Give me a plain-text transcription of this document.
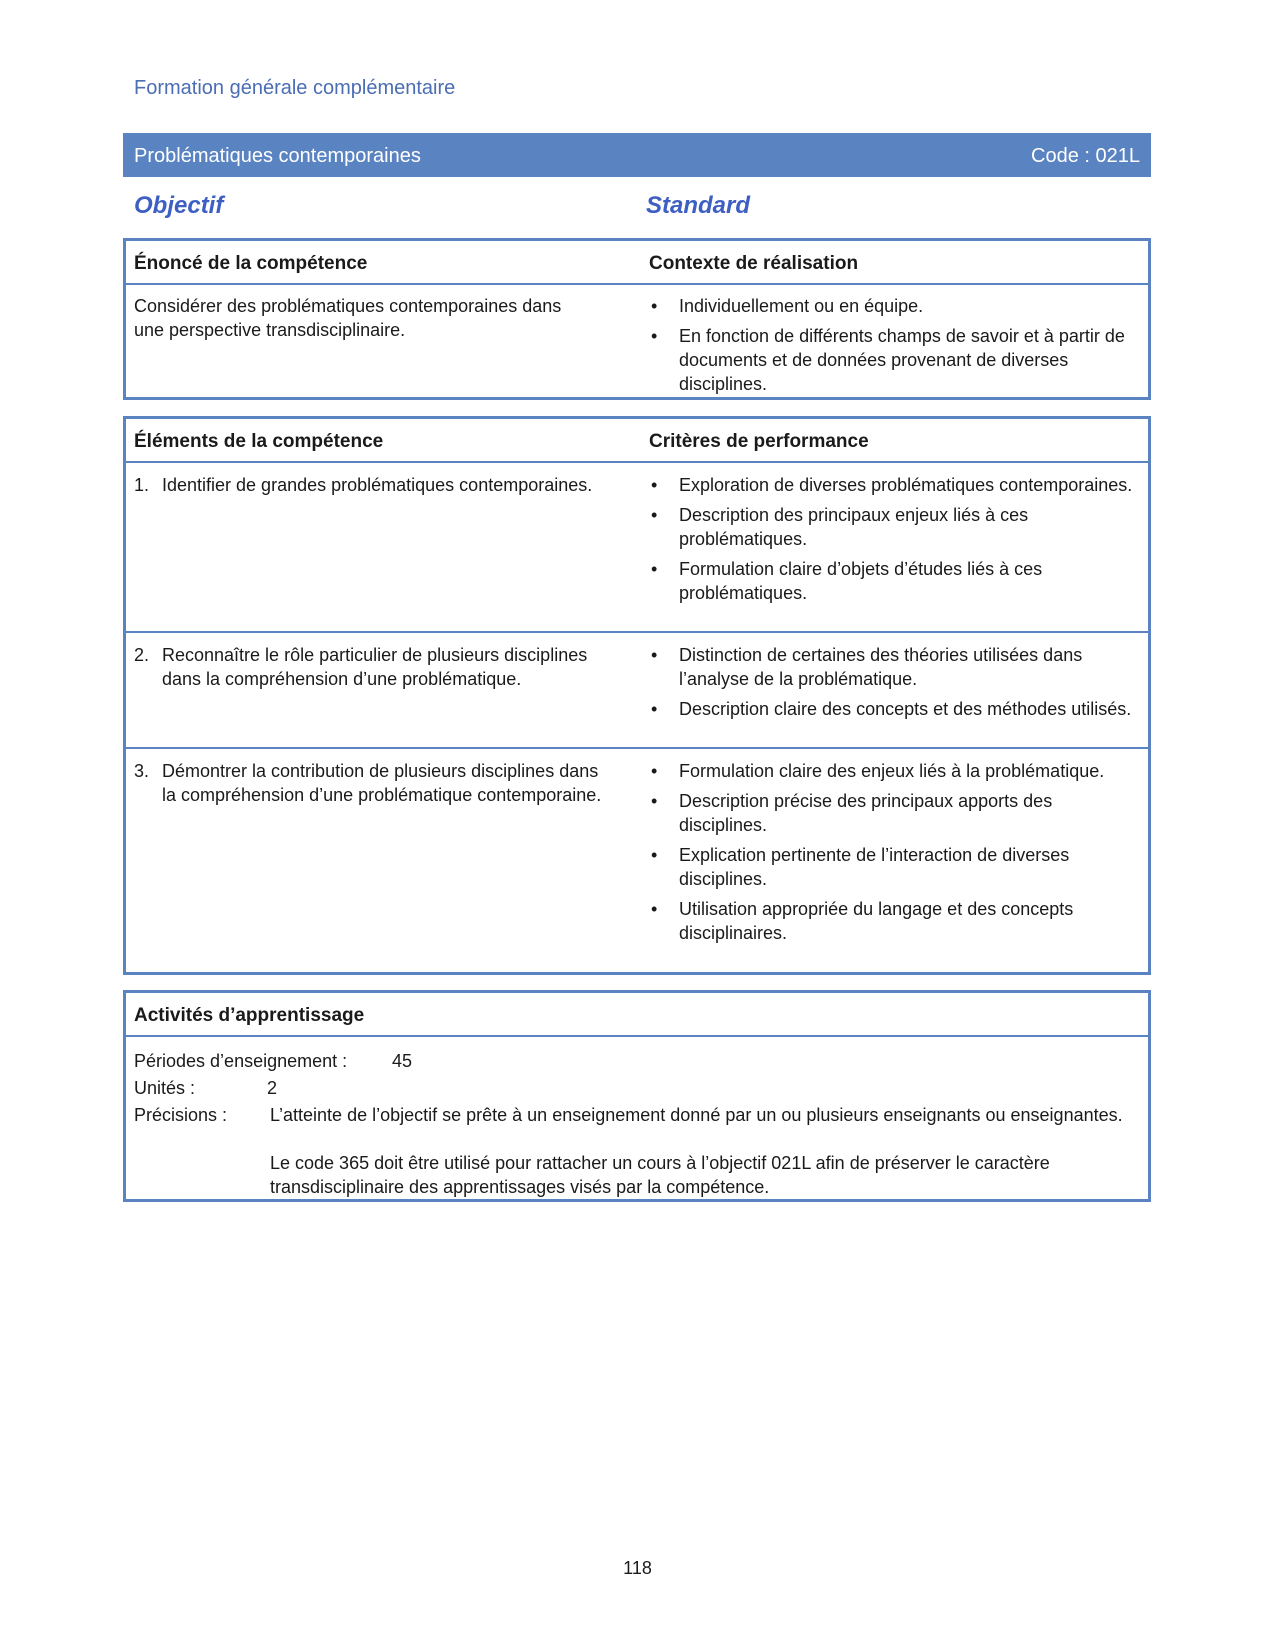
Formation générale complémentaire
Problématiques contemporaines	Code : 021L
Objectif	Standard
Énoncé de la compétence	Contexte de réalisation
Considérer des problématiques contemporaines dans une perspective transdisciplinaire.
• Individuellement ou en équipe.
• En fonction de différents champs de savoir et à partir de documents et de données provenant de diverses disciplines.
Éléments de la compétence	Critères de performance
1. Identifier de grandes problématiques contemporaines.
•	Exploration de diverses problématiques contemporaines.
• Description des principaux enjeux liés à ces problématiques.
• Formulation claire d’objets d’études liés à ces problématiques.
2. Reconnaître le rôle particulier de plusieurs disciplines dans la compréhension d’une problématique.
• Distinction de certaines des théories utilisées dans l’analyse de la problématique.
• Description claire des concepts et des méthodes utilisés.
3. Démontrer la contribution de plusieurs disciplines dans la compréhension d’une problématique contemporaine.
• Formulation claire des enjeux liés à la problématique.
• Description précise des principaux apports des disciplines.
• Explication pertinente de l’interaction de diverses disciplines.
• Utilisation appropriée du langage et des concepts disciplinaires.
Activités d’apprentissage
Périodes d’enseignement : 45
Unités :	2
Précisions : L’atteinte de l’objectif se prête à un enseignement donné par un ou plusieurs enseignants ou enseignantes.
Le code 365 doit être utilisé pour rattacher un cours à l’objectif 021L afin de préserver le caractère transdisciplinaire des apprentissages visés par la compétence.
118
